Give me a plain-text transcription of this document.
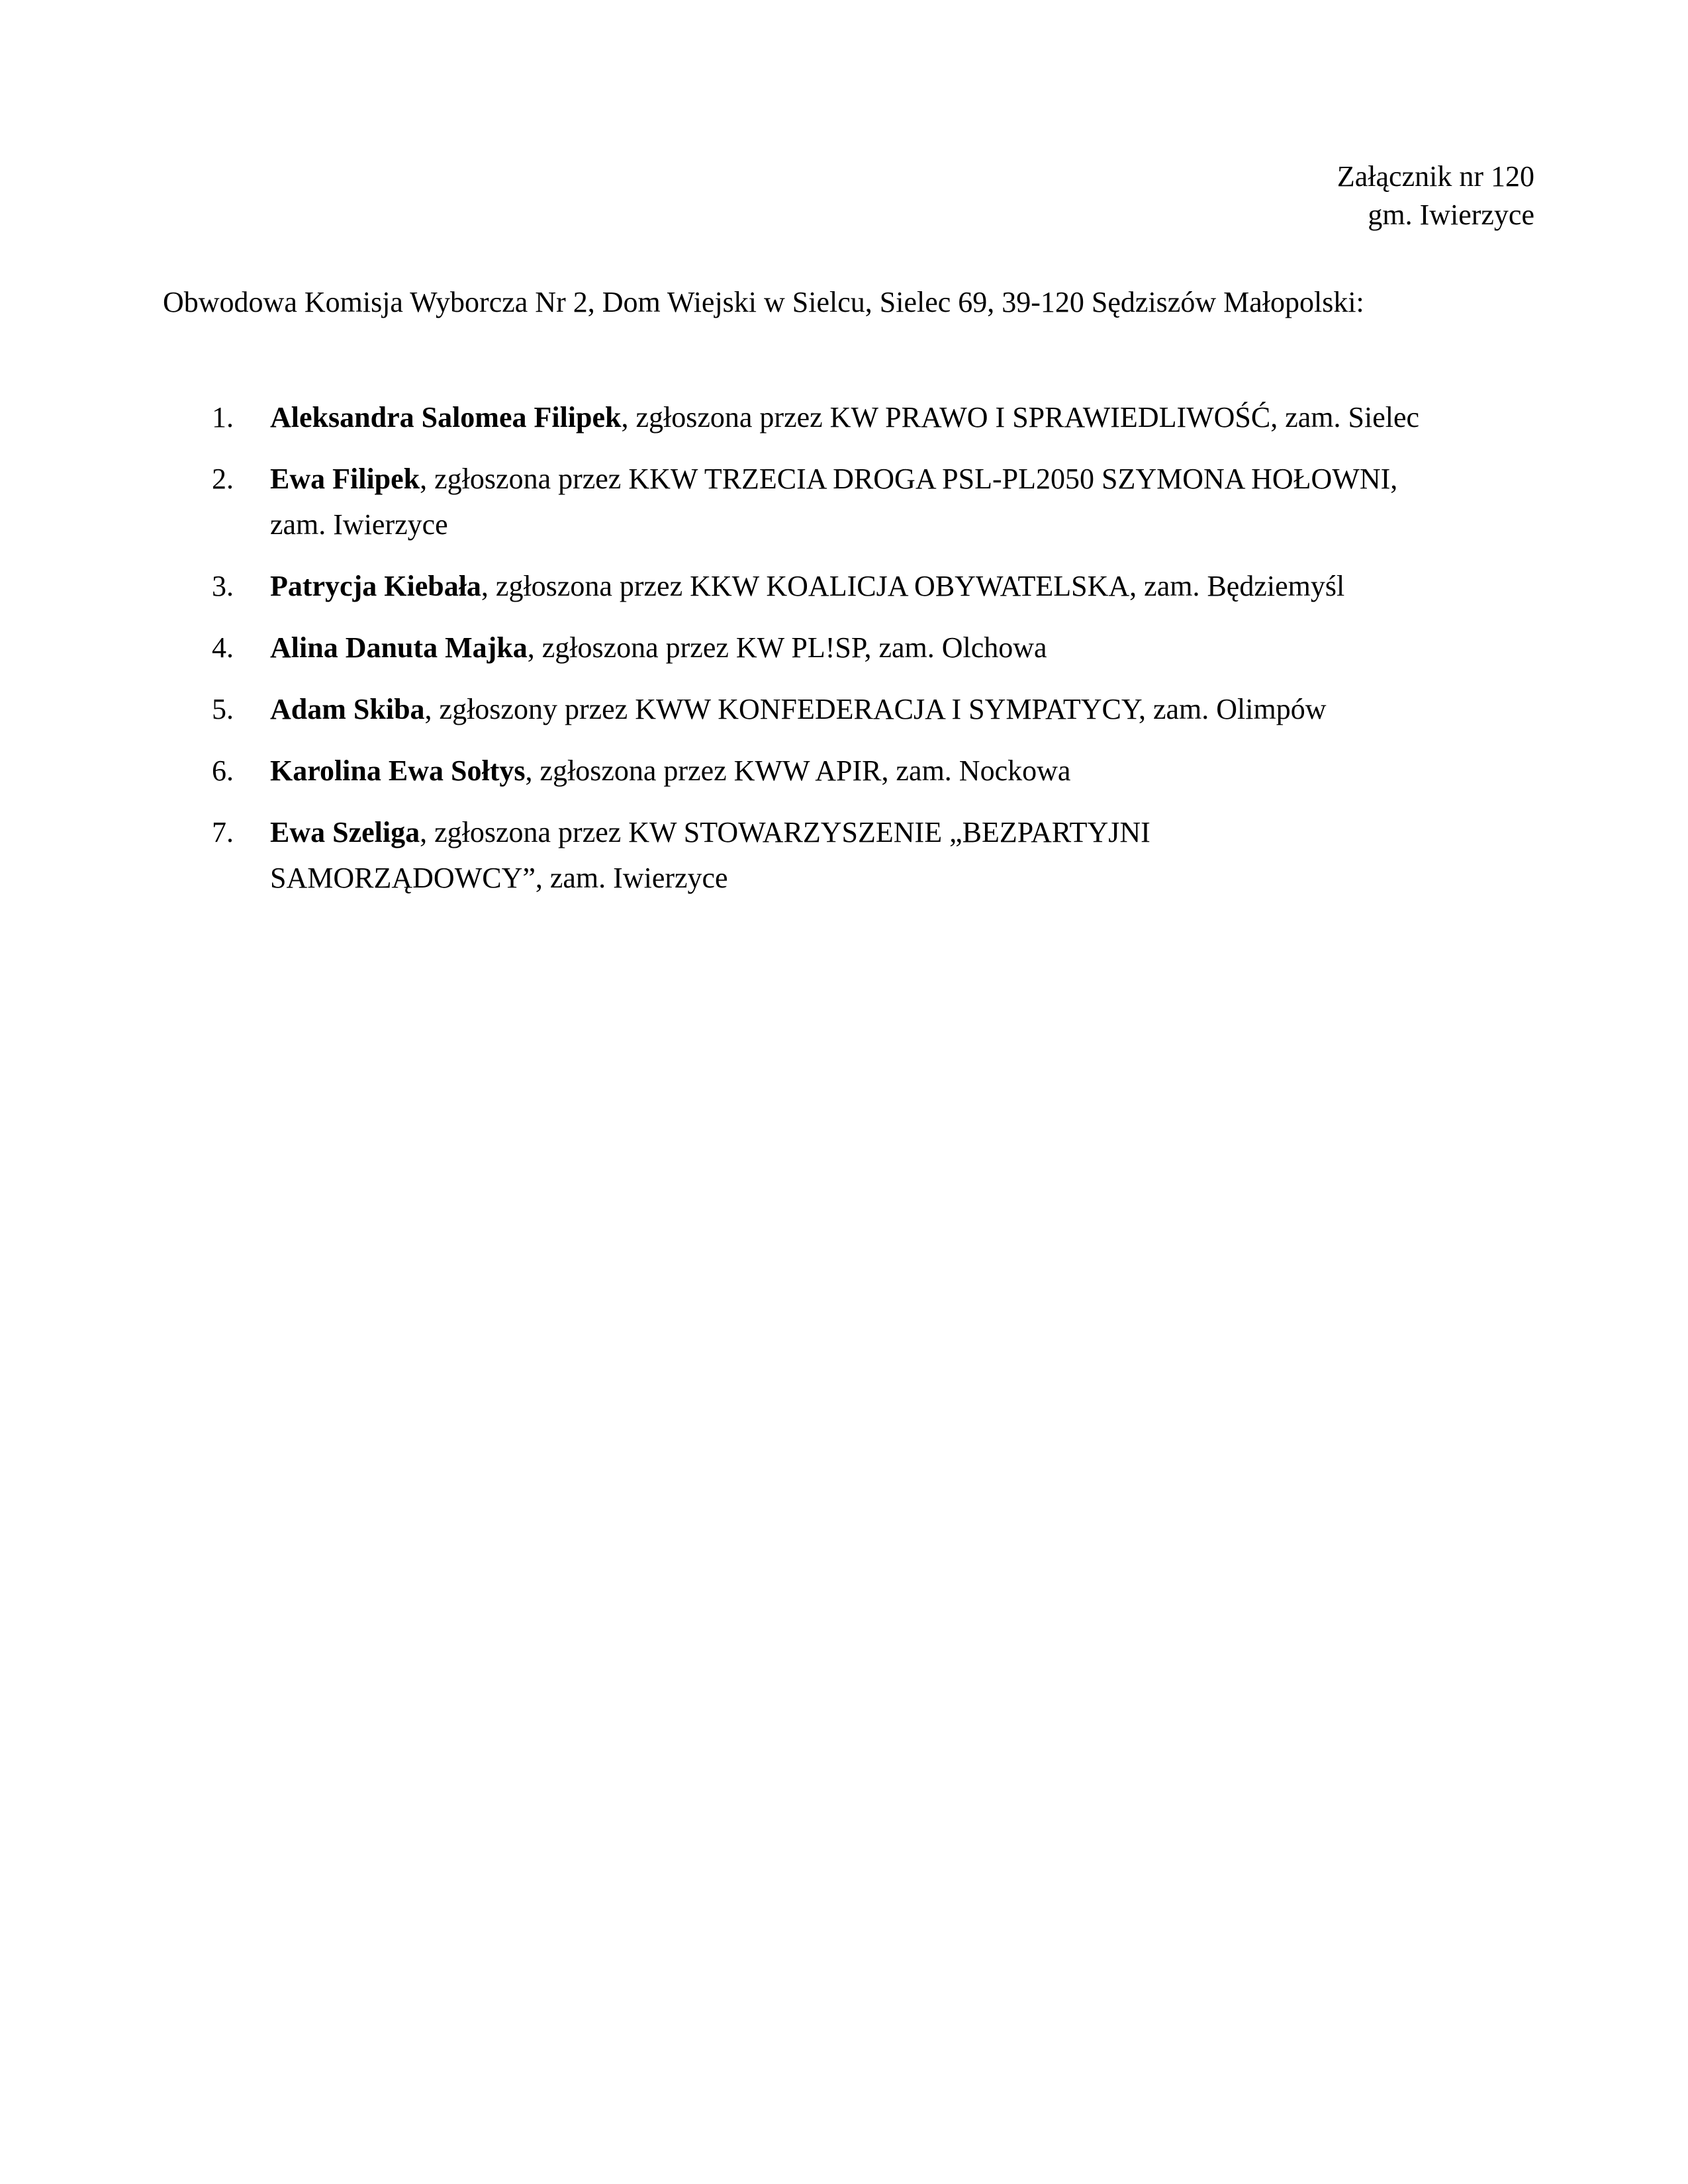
Załącznik nr 120
gm. Iwierzyce
Obwodowa Komisja Wyborcza Nr 2, Dom Wiejski w Sielcu, Sielec 69, 39-120 Sędziszów Małopolski:
1.	Aleksandra Salomea Filipek, zgłoszona przez KW PRAWO I SPRAWIEDLIWOŚĆ, zam. Sielec
2.	Ewa Filipek, zgłoszona przez KKW TRZECIA DROGA PSL-PL2050 SZYMONA HOŁOWNI,
zam. Iwierzyce
3.	Patrycja Kiebała, zgłoszona przez KKW KOALICJA OBYWATELSKA, zam. Będziemyśl
4.	Alina Danuta Majka, zgłoszona przez KW PL!SP, zam. Olchowa
5.	Adam Skiba, zgłoszony przez KWW KONFEDERACJA I SYMPATYCY, zam. Olimpów
6.	Karolina Ewa Sołtys, zgłoszona przez KWW APIR, zam. Nockowa
7.	Ewa Szeliga, zgłoszona przez KW STOWARZYSZENIE „BEZPARTYJNI
SAMORZĄDOWCY”, zam. Iwierzyce
